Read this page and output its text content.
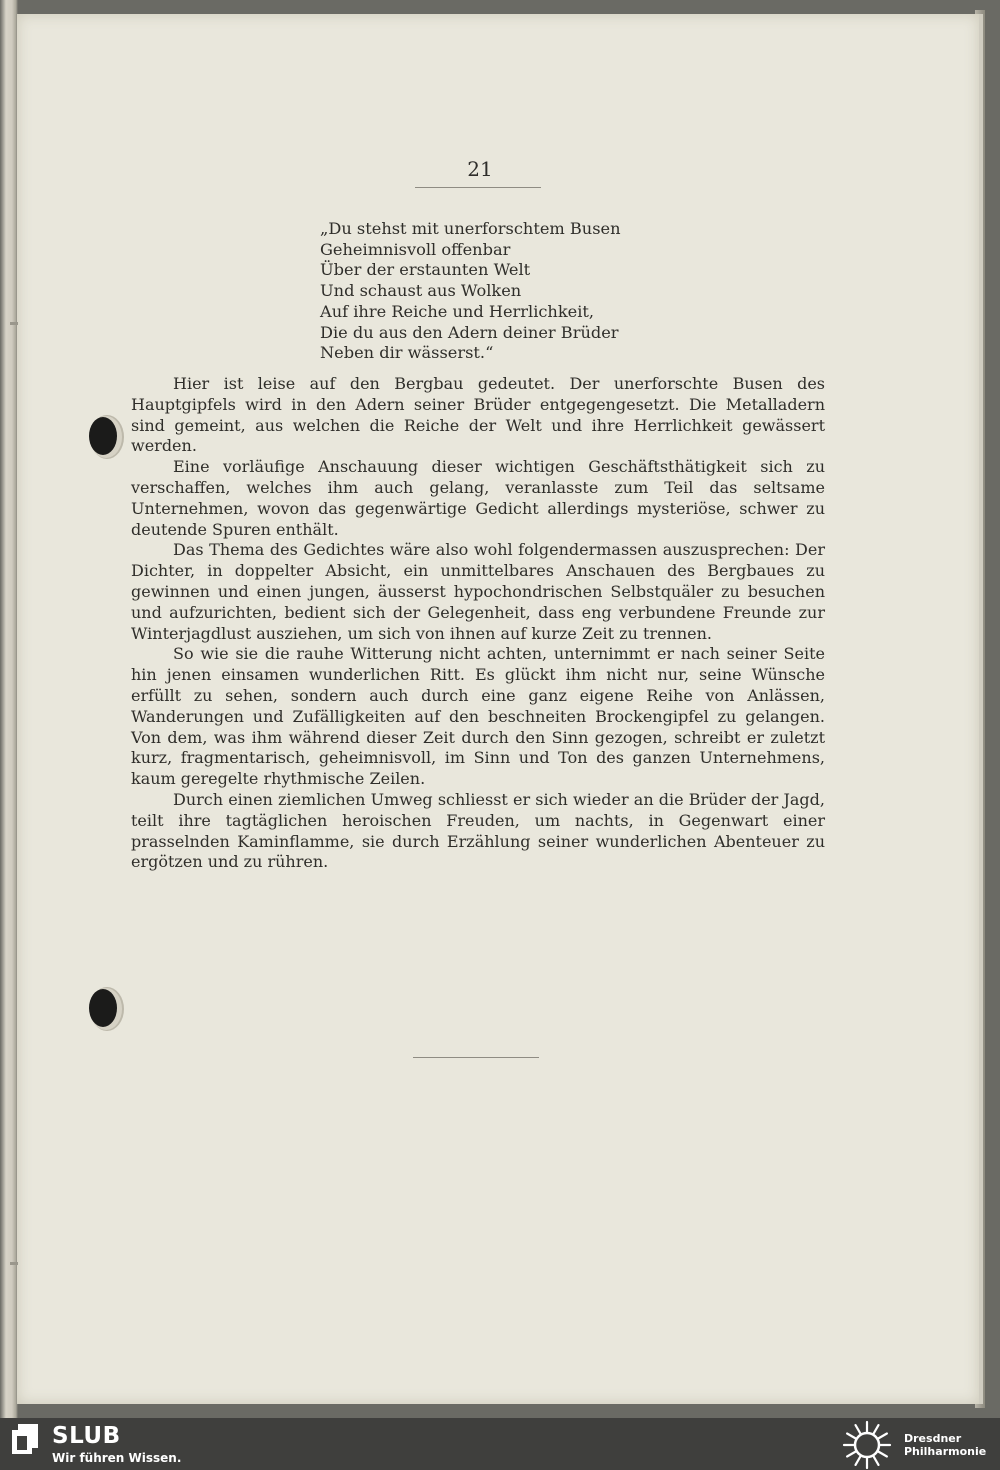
21
„Du stehst mit unerforschtem Busen
Geheimnisvoll offenbar
Über der erstaunten Welt
Und schaust aus Wolken
Auf ihre Reiche und Herrlichkeit,
Die du aus den Adern deiner Brüder
Neben dir wässerst.“

Hier ist leise auf den Bergbau gedeutet. Der unerforschte Busen des Hauptgipfels wird in den Adern seiner Brüder entgegengesetzt. Die Metalladern sind gemeint, aus welchen die Reiche der Welt und ihre Herrlichkeit gewässert werden.

Eine vorläufige Anschauung dieser wichtigen Geschäftsthätigkeit sich zu verschaffen, welches ihm auch gelang, veranlasste zum Teil das seltsame Unternehmen, wovon das gegenwärtige Gedicht allerdings mysteriöse, schwer zu deutende Spuren enthält.

Das Thema des Gedichtes wäre also wohl folgendermassen auszusprechen: Der Dichter, in doppelter Absicht, ein unmittelbares Anschauen des Bergbaues zu gewinnen und einen jungen, äusserst hypochondrischen Selbstquäler zu besuchen und aufzurichten, bedient sich der Gelegenheit, dass eng verbundene Freunde zur Winterjagdlust ausziehen, um sich von ihnen auf kurze Zeit zu trennen.

So wie sie die rauhe Witterung nicht achten, unternimmt er nach seiner Seite hin jenen einsamen wunderlichen Ritt. Es glückt ihm nicht nur, seine Wünsche erfüllt zu sehen, sondern auch durch eine ganz eigene Reihe von Anlässen, Wanderungen und Zufälligkeiten auf den beschneiten Brockengipfel zu gelangen. Von dem, was ihm während dieser Zeit durch den Sinn gezogen, schreibt er zuletzt kurz, fragmentarisch, geheimnisvoll, im Sinn und Ton des ganzen Unternehmens, kaum geregelte rhythmische Zeilen.

Durch einen ziemlichen Umweg schliesst er sich wieder an die Brüder der Jagd, teilt ihre tagtäglichen heroischen Freuden, um nachts, in Gegenwart einer prasselnden Kaminflamme, sie durch Erzählung seiner wunderlichen Abenteuer zu ergötzen und zu rühren.

SLUB
Wir führen Wissen.
Dresdner
Philharmonie
